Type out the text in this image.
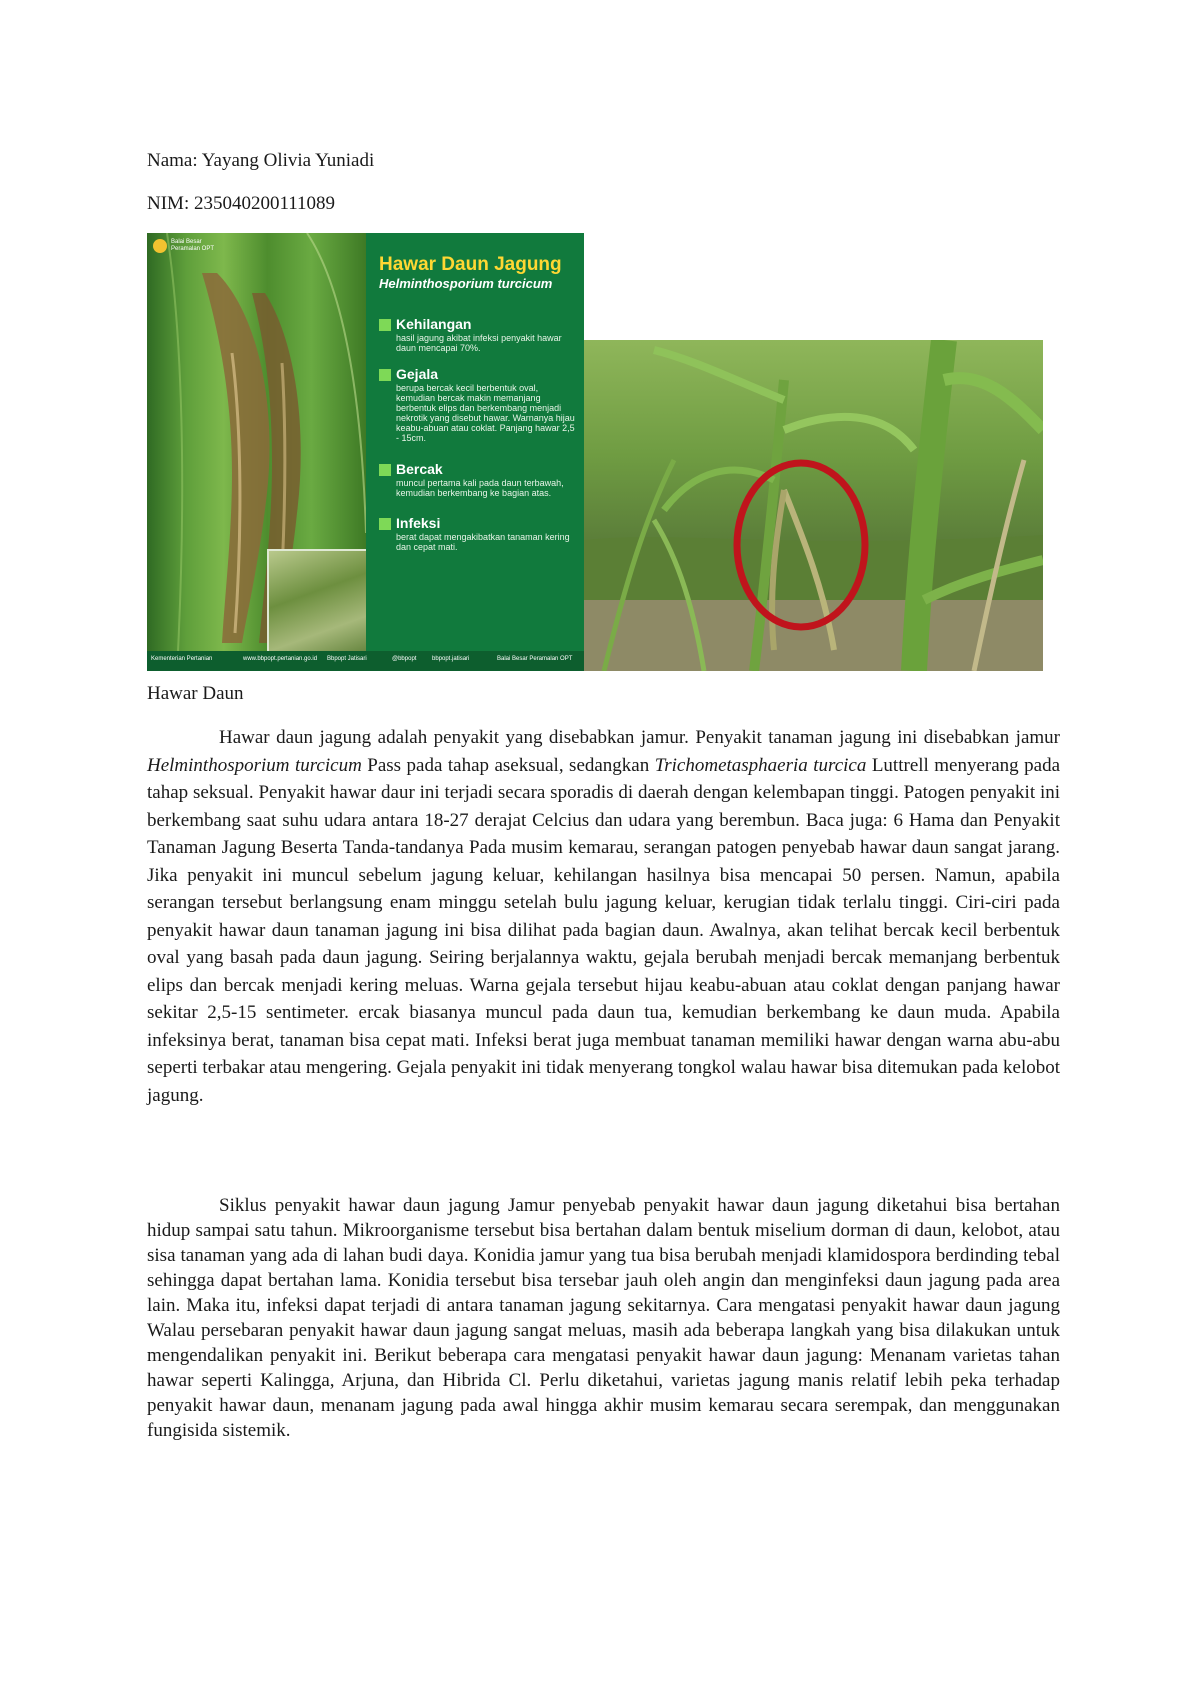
Nama: Yayang Olivia Yuniadi
NIM: 235040200111089
Balai Besar
Peramalan OPT
Hawar Daun Jagung
Helminthosporium turcicum
Kehilangan
hasil jagung akibat infeksi penyakit hawar daun mencapai 70%.
Gejala
berupa bercak kecil berbentuk oval, kemudian bercak makin memanjang berbentuk elips dan berkembang menjadi nekrotik yang disebut hawar. Warnanya hijau keabu-abuan atau coklat. Panjang hawar 2,5 - 15cm.
Bercak
muncul pertama kali pada daun terbawah, kemudian berkembang ke bagian atas.
Infeksi
berat dapat mengakibatkan tanaman kering dan cepat mati.
Kementerian Pertanian	www.bbpopt.pertanian.go.id Bbpopt Jatisari	@bbpopt	bbpopt.jatisari	Balai Besar Peramalan OPT
Hawar Daun
Hawar daun jagung adalah penyakit yang disebabkan jamur. Penyakit tanaman jagung ini disebabkan jamur Helminthosporium turcicum Pass pada tahap aseksual, sedangkan Trichometasphaeria turcica Luttrell menyerang pada tahap seksual. Penyakit hawar daur ini terjadi secara sporadis di daerah dengan kelembapan tinggi. Patogen penyakit ini berkembang saat suhu udara antara 18-27 derajat Celcius dan udara yang berembun. Baca juga: 6 Hama dan Penyakit Tanaman Jagung Beserta Tanda-tandanya Pada musim kemarau, serangan patogen penyebab hawar daun sangat jarang. Jika penyakit ini muncul sebelum jagung keluar, kehilangan hasilnya bisa mencapai 50 persen. Namun, apabila serangan tersebut berlangsung enam minggu setelah bulu jagung keluar, kerugian tidak terlalu tinggi. Ciri-ciri pada penyakit hawar daun tanaman jagung ini bisa dilihat pada bagian daun. Awalnya, akan telihat bercak kecil berbentuk oval yang basah pada daun jagung. Seiring berjalannya waktu, gejala berubah menjadi bercak memanjang berbentuk elips dan bercak menjadi kering meluas. Warna gejala tersebut hijau keabu-abuan atau coklat dengan panjang hawar sekitar 2,5-15 sentimeter. ercak biasanya muncul pada daun tua, kemudian berkembang ke daun muda. Apabila infeksinya berat, tanaman bisa cepat mati. Infeksi berat juga membuat tanaman memiliki hawar dengan warna abu-abu seperti terbakar atau mengering. Gejala penyakit ini tidak menyerang tongkol walau hawar bisa ditemukan pada kelobot jagung.
Siklus penyakit hawar daun jagung Jamur penyebab penyakit hawar daun jagung diketahui bisa bertahan hidup sampai satu tahun. Mikroorganisme tersebut bisa bertahan dalam bentuk miselium dorman di daun, kelobot, atau sisa tanaman yang ada di lahan budi daya. Konidia jamur yang tua bisa berubah menjadi klamidospora berdinding tebal sehingga dapat bertahan lama. Konidia tersebut bisa tersebar jauh oleh angin dan menginfeksi daun jagung pada area lain. Maka itu, infeksi dapat terjadi di antara tanaman jagung sekitarnya. Cara mengatasi penyakit hawar daun jagung Walau persebaran penyakit hawar daun jagung sangat meluas, masih ada beberapa langkah yang bisa dilakukan untuk mengendalikan penyakit ini. Berikut beberapa cara mengatasi penyakit hawar daun jagung: Menanam varietas tahan hawar seperti Kalingga, Arjuna, dan Hibrida Cl. Perlu diketahui, varietas jagung manis relatif lebih peka terhadap penyakit hawar daun, menanam jagung pada awal hingga akhir musim kemarau secara serempak, dan menggunakan fungisida sistemik.
